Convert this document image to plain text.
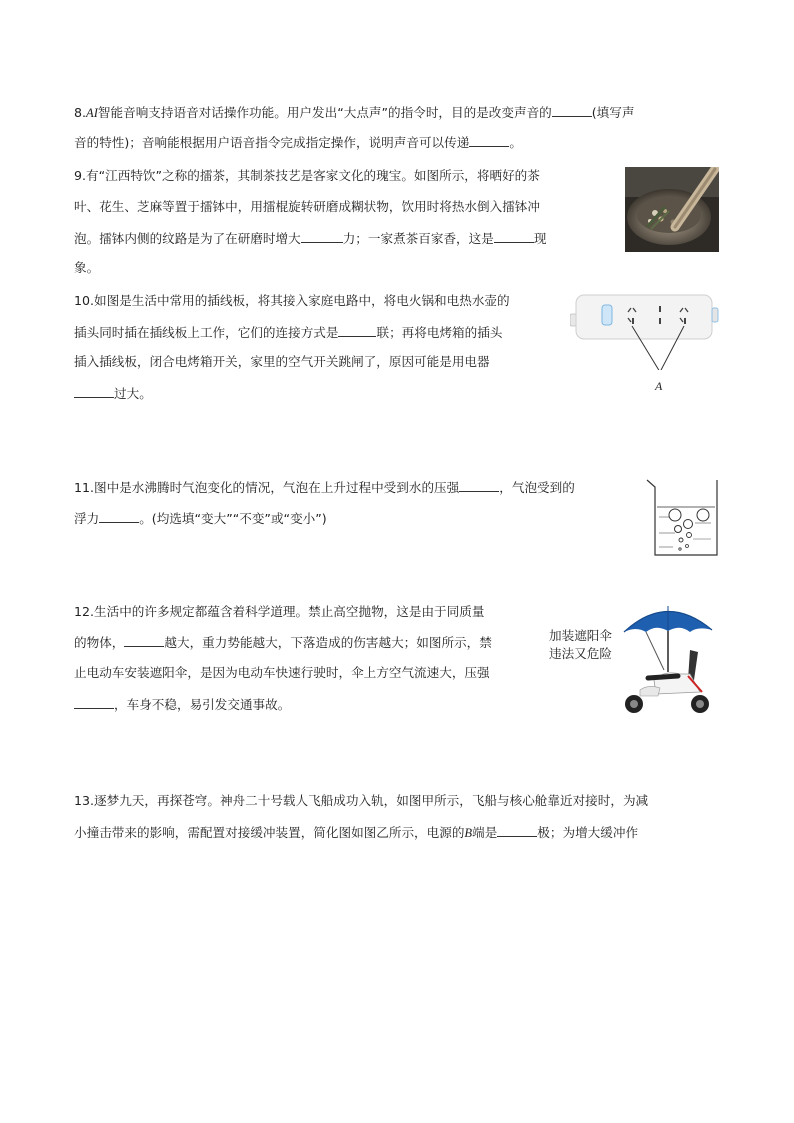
8.AI智能音响支持语音对话操作功能。用户发出“大点声”的指令时，目的是改变声音的	(填写声
音的特性)；音响能根据用户语音指令完成指定操作，说明声音可以传递	。
9.有“江西特饮”之称的擂茶，其制茶技艺是客家文化的瑰宝。如图所示，将晒好的茶
叶、花生、芝麻等置于擂钵中，用擂棍旋转研磨成糊状物，饮用时将热水倒入擂钵冲
泡。擂钵内侧的纹路是为了在研磨时增大	力；一家煮茶百家香，这是	现
象。
10.如图是生活中常用的插线板，将其接入家庭电路中，将电火锅和电热水壶的
插头同时插在插线板上工作，它们的连接方式是	联；再将电烤箱的插头
插入插线板，闭合电烤箱开关，家里的空气开关跳闸了，原因可能是用电器
过大。	A
11.图中是水沸腾时气泡变化的情况，气泡在上升过程中受到水的压强	，气泡受到的
浮力	。(均选填“变大”“不变”或“变小”)
12.生活中的许多规定都蕴含着科学道理。禁止高空抛物，这是由于同质量
的物体，	越大，重力势能越大，下落造成的伤害越大；如图所示，禁
止电动车安装遮阳伞，是因为电动车快速行驶时，伞上方空气流速大，压强
，车身不稳，易引发交通事故。
加装遮阳伞
违法又危险
13.逐梦九天，再探苍穹。神舟二十号载人飞船成功入轨，如图甲所示，飞船与核心舱靠近对接时，为减
小撞击带来的影响，需配置对接缓冲装置，简化图如图乙所示，电源的B端是	极；为增大缓冲作
